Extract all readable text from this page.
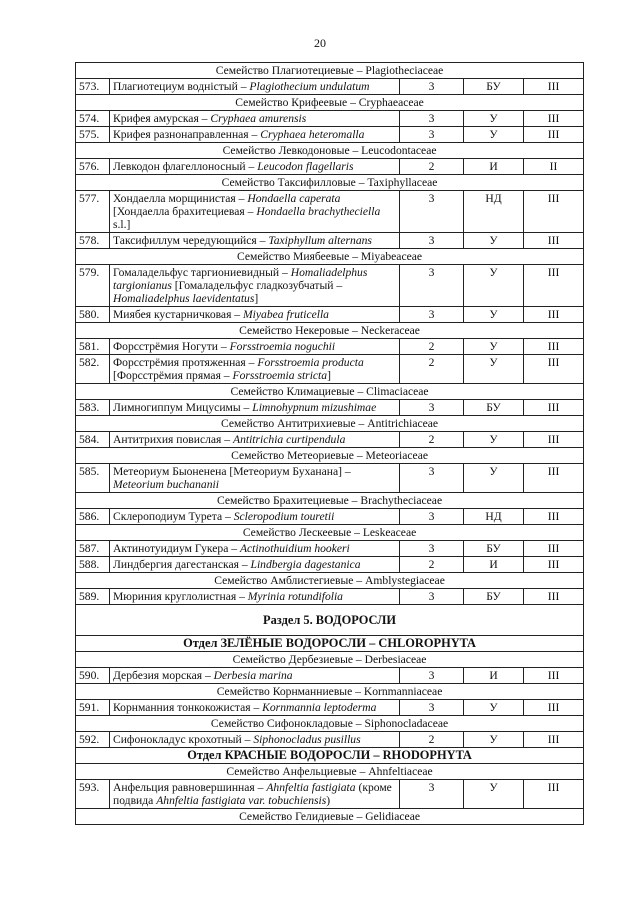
20
Семейство Плагиотециевые – Plagiotheciaceae				
573.	Плагиотециум водністый – Plagiothecium undulatum	3	БУ	III
Семейство Крифеевые – Cryphaeaceae				
574.	Крифея амурская – Cryphaea amurensis	3	У	III
575.	Крифея разнонаправленная – Cryphaea heteromalla	3	У	III
Семейство Левкодоновые – Leucodontaceae				
576.	Левкодон флагеллоносный – Leucodon flagellaris	2	И	II
Семейство Таксифилловые – Taxiphyllaceae				
577.	Хондаелла морщинистая – Hondaella caperata [Хондаелла брахитециевая – Hondaella brachytheciella s.l.]	3	НД	III
578.	Таксифиллум чередующийся – Taxiphyllum alternans	3	У	III
Семейство Миябеевые – Miyabeaceae				
579.	Гомаладельфус таргиониевидный – Homaliadelphus targionianus [Гомаладельфус гладкозубчатый – Homaliadelphus laevidentatus]	3	У	III
580.	Миябея кустарничковая – Miyabea fruticella	3	У	III
Семейство Некеровые – Neckeraceae				
581.	Форсстрёмия Ногути – Forsstroemia noguchii	2	У	III
582.	Форсстрёмия протяженная – Forsstroemia producta [Форсстрёмия прямая – Forsstroemia stricta]	2	У	III
Семейство Климациевые – Climaciaceae				
583.	Лимногиппум Мицусимы – Limnohypnum mizushimae	3	БУ	III
Семейство Антитрихиевые – Antitrichiaceae				
584.	Антитрихия повислая – Antitrichia curtipendula	2	У	III
Семейство Метеориевые – Meteoriaceae				
585.	Метеориум Быоненена [Метеориум Буханана] – Meteorium buchananii	3	У	III
Семейство Брахитециевые – Brachytheciaceae				
586.	Склероподиум Турета – Scleropodium touretii	3	НД	III
Семейство Лескеевые – Leskeaceae				
587.	Актинотуидиум Гукера – Actinothuidium hookeri	3	БУ	III
588.	Линдбергия дагестанская – Lindbergia dagestanica	2	И	III
Семейство Амблистегиевые – Amblystegiaceae				
589.	Мюриния круглолистная – Myrinia rotundifolia	3	БУ	III
Раздел 5. ВОДОРОСЛИ				
Отдел ЗЕЛЁНЫЕ ВОДОРОСЛИ – CHLOROPHYTA				
Семейство Дербезиевые – Derbesiaceae				
590.	Дербезия морская – Derbesia marina	3	И	III
Семейство Корнманниевые – Kornmanniaceae				
591.	Корнманния тонкокожистая – Kornmannia leptoderma	3	У	III
Семейство Сифонокладовые – Siphonocladaceae				
592.	Сифонокладус крохотный – Siphonocladus pusillus	2	У	III
Отдел КРАСНЫЕ ВОДОРОСЛИ – RHODOPHYTA				
Семейство Анфельциевые – Ahnfeltiaceae				
593.	Анфельция равновершинная – Ahnfeltia fastigiata (кроме подвида Ahnfeltia fastigiata var. tobuchiensis)	3	У	III
Семейство Гелидиевые – Gelidiaceae				
